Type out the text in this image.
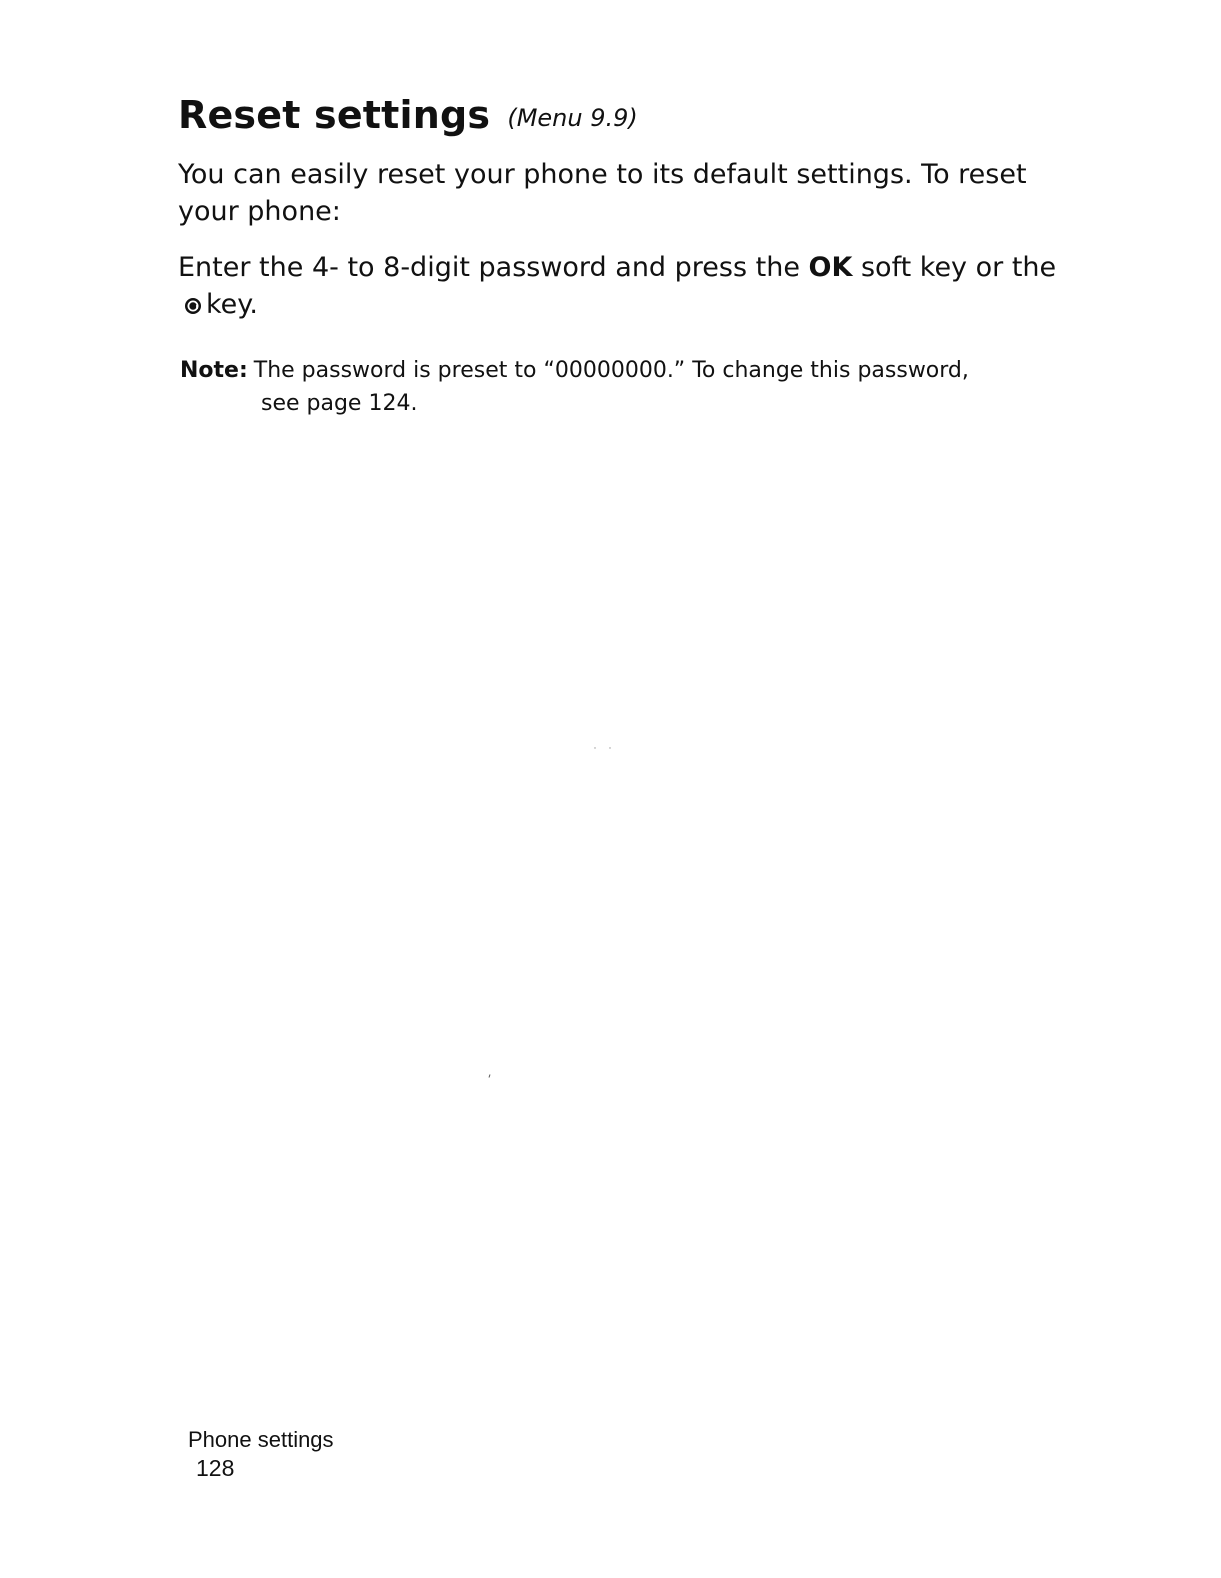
Reset settings (Menu 9.9)

You can easily reset your phone to its default settings. To reset your phone:

Enter the 4- to 8-digit password and press the OK soft key or thekey.

Note: The password is preset to “00000000.” To change this password, see page 124.
Phone settings
128
